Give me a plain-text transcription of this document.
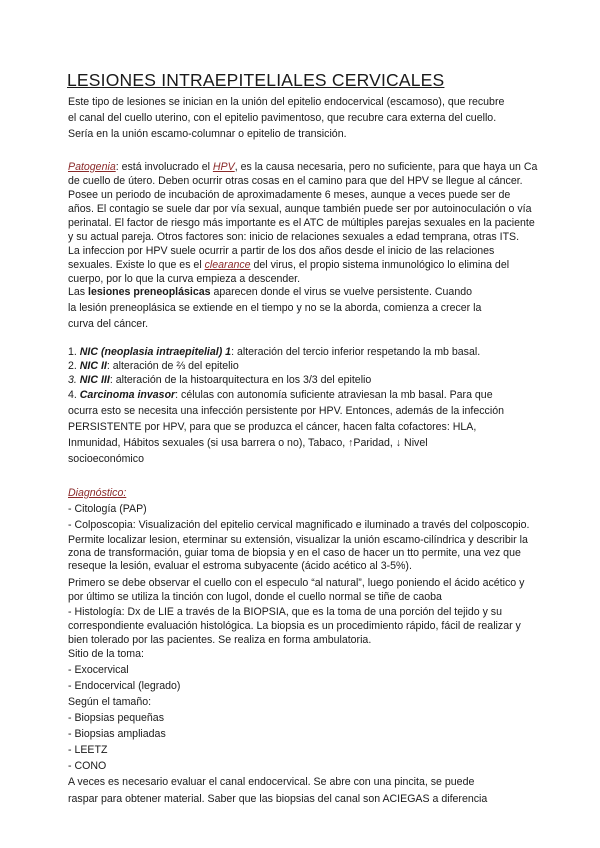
LESIONES INTRAEPITELIALES CERVICALES
Este tipo de lesiones se inician en la unión del epitelio endocervical (escamoso), que recubre
el canal del cuello uterino, con el epitelio pavimentoso, que recubre cara externa del cuello.
Sería en la unión escamo-columnar o epitelio de transición.
Patogenia: está involucrado el HPV, es la causa necesaria, pero no suficiente, para que haya un Ca
de cuello de útero. Deben ocurrir otras cosas en el camino para que del HPV se llegue al cáncer.
Posee un periodo de incubación de aproximadamente 6 meses, aunque a veces puede ser de
años. El contagio se suele dar por vía sexual, aunque también puede ser por autoinoculación o vía
perinatal. El factor de riesgo más importante es el ATC de múltiples parejas sexuales en la paciente
y su actual pareja. Otros factores son: inicio de relaciones sexuales a edad temprana, otras ITS.
La infeccion por HPV suele ocurrir a partir de los dos años desde el inicio de las relaciones
sexuales. Existe lo que es el clearance del virus, el propio sistema inmunológico lo elimina del
cuerpo, por lo que la curva empieza a descender.
Las lesiones preneoplásicas aparecen donde el virus se vuelve persistente. Cuando
la lesión preneoplásica se extiende en el tiempo y no se la aborda, comienza a crecer la
curva del cáncer.
1. NIC (neoplasia intraepitelial) 1: alteración del tercio inferior respetando la mb basal.
2. NIC II: alteración de ⅔ del epitelio
3. NIC III: alteración de la histoarquitectura en los 3/3 del epitelio
4. Carcinoma invasor: células con autonomía suficiente atraviesan la mb basal. Para que
ocurra esto se necesita una infección persistente por HPV. Entonces, además de la infección
PERSISTENTE por HPV, para que se produzca el cáncer, hacen falta cofactores: HLA,
Inmunidad, Hábitos sexuales (si usa barrera o no), Tabaco, ↑Paridad, ↓ Nivel
socioeconómico
Diagnóstico:
- Citología (PAP)
- Colposcopia: Visualización del epitelio cervical magnificado e iluminado a través del colposcopio.
Permite localizar lesion, eterminar su extensión, visualizar la unión escamo-cilíndrica y describir la
zona de transformación, guiar toma de biopsia y en el caso de hacer un tto permite, una vez que
reseque la lesión, evaluar el estroma subyacente (ácido acético al 3-5%).
Primero se debe observar el cuello con el especulo “al natural”, luego poniendo el ácido acético y
por último se utiliza la tinción con lugol, donde el cuello normal se tiñe de caoba
- Histología: Dx de LIE a través de la BIOPSIA, que es la toma de una porción del tejido y su
correspondiente evaluación histológica. La biopsia es un procedimiento rápido, fácil de realizar y
bien tolerado por las pacientes. Se realiza en forma ambulatoria.
Sitio de la toma:
- Exocervical
- Endocervical (legrado)
Según el tamaño:
- Biopsias pequeñas
- Biopsias ampliadas
- LEETZ
- CONO
A veces es necesario evaluar el canal endocervical. Se abre con una pincita, se puede
raspar para obtener material. Saber que las biopsias del canal son ACIEGAS a diferencia
